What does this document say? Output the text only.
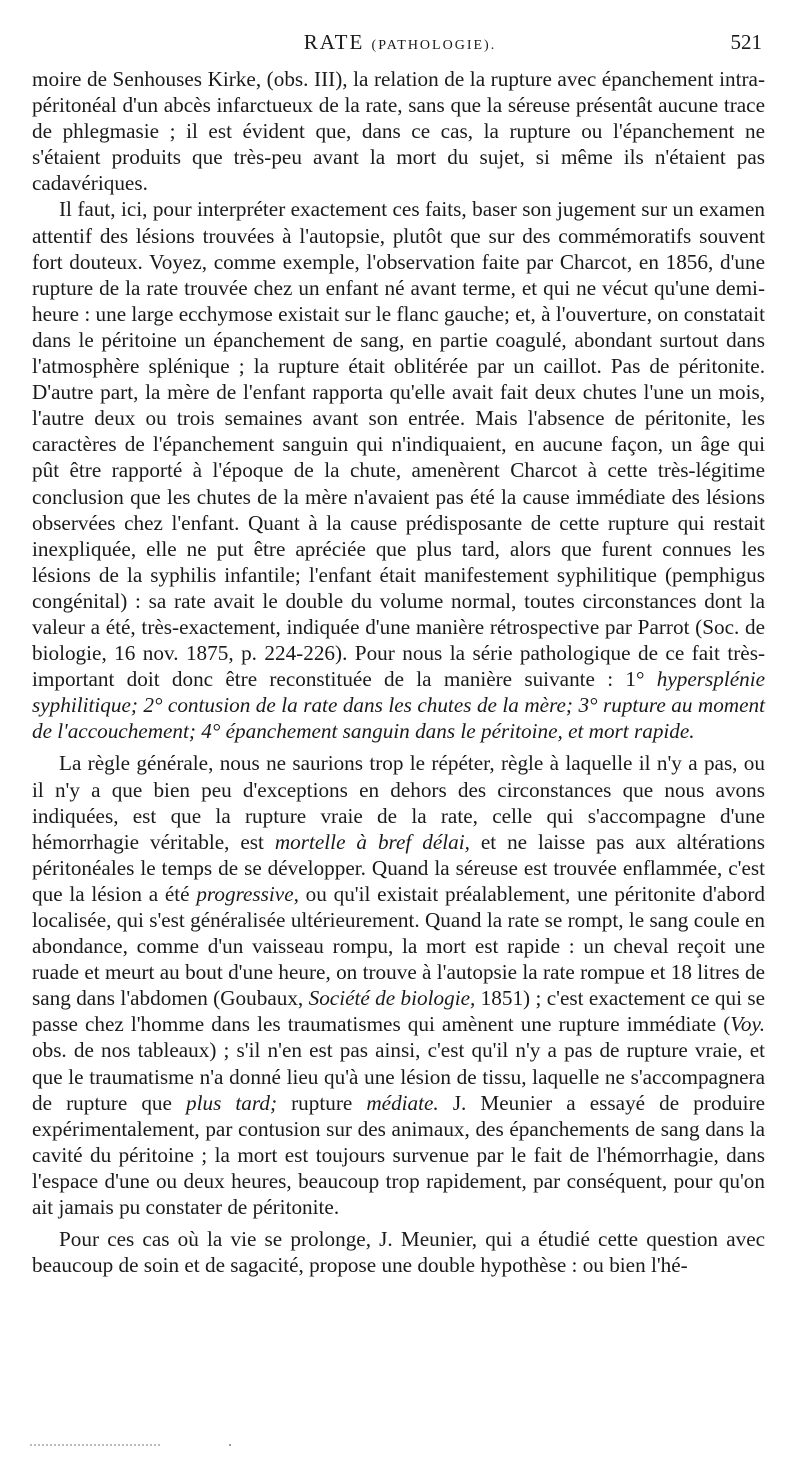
RATE (PATHOLOGIE).	521

moire de Senhouses Kirke, (obs. III), la relation de la rupture avec épanchement intra-péritonéal d'un abcès infarctueux de la rate, sans que la séreuse présentât aucune trace de phlegmasie ; il est évident que, dans ce cas, la rupture ou l'épanchement ne s'étaient produits que très-peu avant la mort du sujet, si même ils n'étaient pas cadavériques.

Il faut, ici, pour interpréter exactement ces faits, baser son jugement sur un examen attentif des lésions trouvées à l'autopsie, plutôt que sur des commémoratifs souvent fort douteux. Voyez, comme exemple, l'observation faite par Charcot, en 1856, d'une rupture de la rate trouvée chez un enfant né avant terme, et qui ne vécut qu'une demi-heure : une large ecchymose existait sur le flanc gauche; et, à l'ouverture, on constatait dans le péritoine un épanchement de sang, en partie coagulé, abondant surtout dans l'atmosphère splénique ; la rupture était oblitérée par un caillot. Pas de péritonite. D'autre part, la mère de l'enfant rapporta qu'elle avait fait deux chutes l'une un mois, l'autre deux ou trois semaines avant son entrée. Mais l'absence de péritonite, les caractères de l'épanchement sanguin qui n'indiquaient, en aucune façon, un âge qui pût être rapporté à l'époque de la chute, amenèrent Charcot à cette très-légitime conclusion que les chutes de la mère n'avaient pas été la cause immédiate des lésions observées chez l'enfant. Quant à la cause prédisposante de cette rupture qui restait inexpliquée, elle ne put être apréciée que plus tard, alors que furent connues les lésions de la syphilis infantile; l'enfant était manifestement syphilitique (pemphigus congénital) : sa rate avait le double du volume normal, toutes circonstances dont la valeur a été, très-exactement, indiquée d'une manière rétrospective par Parrot (Soc. de biologie, 16 nov. 1875, p. 224-226). Pour nous la série pathologique de ce fait très-important doit donc être reconstituée de la manière suivante : 1° hypersplénie syphilitique; 2° contusion de la rate dans les chutes de la mère; 3° rupture au moment de l'accouchement; 4° épanchement sanguin dans le péritoine, et mort rapide.

La règle générale, nous ne saurions trop le répéter, règle à laquelle il n'y a pas, ou il n'y a que bien peu d'exceptions en dehors des circonstances que nous avons indiquées, est que la rupture vraie de la rate, celle qui s'accompagne d'une hémorrhagie véritable, est mortelle à bref délai, et ne laisse pas aux altérations péritonéales le temps de se développer. Quand la séreuse est trouvée enflammée, c'est que la lésion a été progressive, ou qu'il existait préalablement, une péritonite d'abord localisée, qui s'est généralisée ultérieurement. Quand la rate se rompt, le sang coule en abondance, comme d'un vaisseau rompu, la mort est rapide : un cheval reçoit une ruade et meurt au bout d'une heure, on trouve à l'autopsie la rate rompue et 18 litres de sang dans l'abdomen (Goubaux, Société de biologie, 1851) ; c'est exactement ce qui se passe chez l'homme dans les traumatismes qui amènent une rupture immédiate (Voy. obs. de nos tableaux) ; s'il n'en est pas ainsi, c'est qu'il n'y a pas de rupture vraie, et que le traumatisme n'a donné lieu qu'à une lésion de tissu, laquelle ne s'accompagnera de rupture que plus tard; rupture médiate. J. Meunier a essayé de produire expérimentalement, par contusion sur des animaux, des épanchements de sang dans la cavité du péritoine ; la mort est toujours survenue par le fait de l'hémorrhagie, dans l'espace d'une ou deux heures, beaucoup trop rapidement, par conséquent, pour qu'on ait jamais pu constater de péritonite.

Pour ces cas où la vie se prolonge, J. Meunier, qui a étudié cette question avec beaucoup de soin et de sagacité, propose une double hypothèse : ou bien l'hé-
